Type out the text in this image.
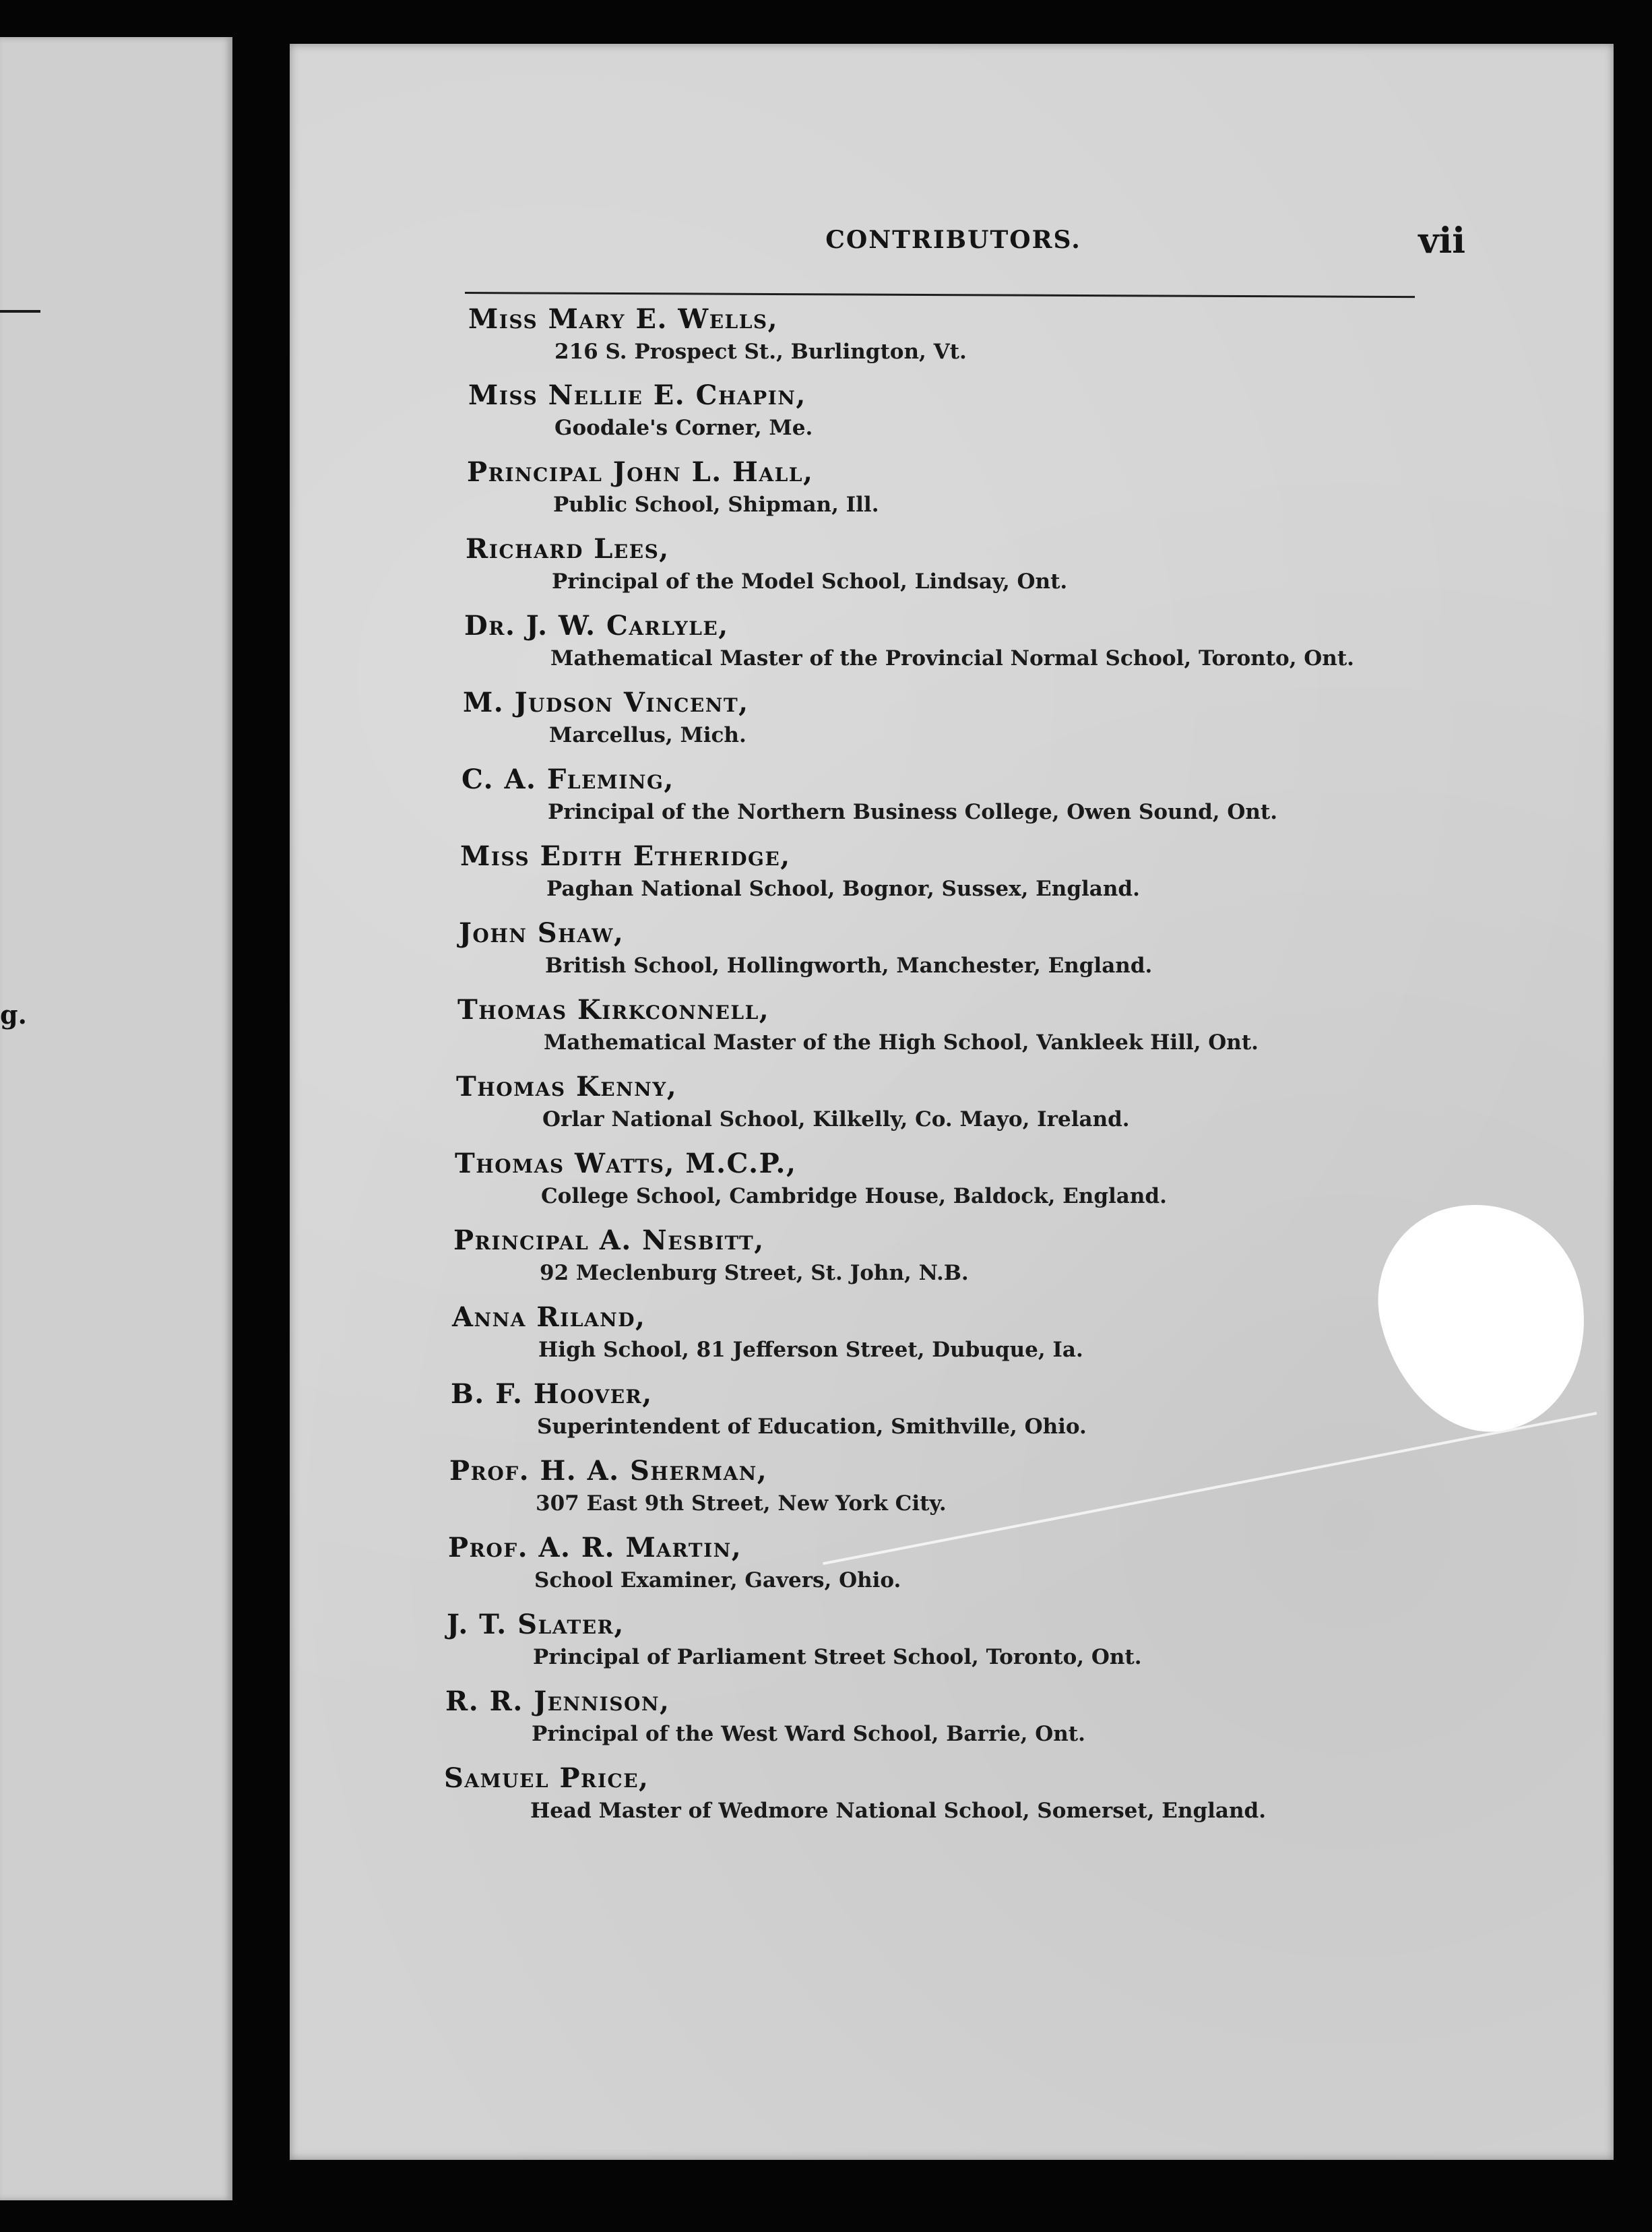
g.
CONTRIBUTORS.	vii
Miss Mary E. Wells,
216 S. Prospect St., Burlington, Vt.
Miss Nellie E. Chapin,
Goodale's Corner, Me.
Principal John L. Hall,
Public School, Shipman, Ill.
Richard Lees,
Principal of the Model School, Lindsay, Ont.
Dr. J. W. Carlyle,
Mathematical Master of the Provincial Normal School, Toronto, Ont.
M. Judson Vincent,
Marcellus, Mich.
C. A. Fleming,
Principal of the Northern Business College, Owen Sound, Ont.
Miss Edith Etheridge,
Paghan National School, Bognor, Sussex, England.
John Shaw,
British School, Hollingworth, Manchester, England.
Thomas Kirkconnell,
Mathematical Master of the High School, Vankleek Hill, Ont.
Thomas Kenny,
Orlar National School, Kilkelly, Co. Mayo, Ireland.
Thomas Watts, M.C.P.,
College School, Cambridge House, Baldock, England.
Principal A. Nesbitt,
92 Meclenburg Street, St. John, N.B.
Anna Riland,
High School, 81 Jefferson Street, Dubuque, Ia.
B. F. Hoover,
Superintendent of Education, Smithville, Ohio.
Prof. H. A. Sherman,
307 East 9th Street, New York City.
Prof. A. R. Martin,
School Examiner, Gavers, Ohio.
J. T. Slater,
Principal of Parliament Street School, Toronto, Ont.
R. R. Jennison,
Principal of the West Ward School, Barrie, Ont.
Samuel Price,
Head Master of Wedmore National School, Somerset, England.
